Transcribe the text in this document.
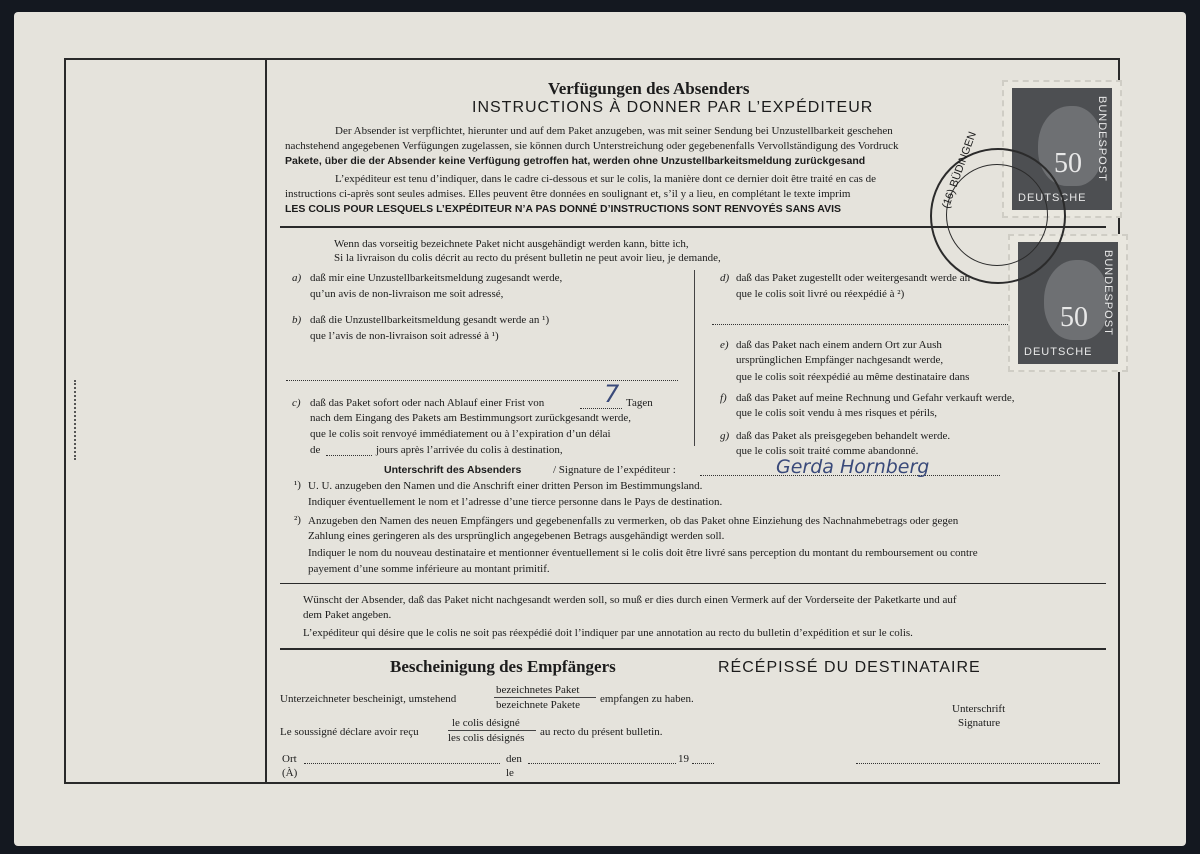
Verfügungen des Absenders
INSTRUCTIONS À DONNER PAR L’EXPÉDITEUR
Der Absender ist verpflichtet, hierunter und auf dem Paket anzugeben, was mit seiner Sendung bei Unzustellbarkeit geschehen
nachstehend angegebenen Verfügungen zugelassen, sie können durch Unterstreichung oder gegebenenfalls Vervollständigung des Vordruck
Pakete, über die der Absender keine Verfügung getroffen hat, werden ohne Unzustellbarkeitsmeldung zurückgesand
L’expéditeur est tenu d’indiquer, dans le cadre ci-dessous et sur le colis, la manière dont ce dernier doit être traité en cas de
instructions ci-après sont seules admises. Elles peuvent être données en soulignant et, s’il y a lieu, en complétant le texte imprim
LES COLIS POUR LESQUELS L’EXPÉDITEUR N’A PAS DONNÉ D’INSTRUCTIONS SONT RENVOYÉS SANS AVIS
Wenn das vorseitig bezeichnete Paket nicht ausgehändigt werden kann, bitte ich,
Si la livraison du colis décrit au recto du présent bulletin ne peut avoir lieu, je demande,
a) daß mir eine Unzustellbarkeitsmeldung zugesandt werde,
qu’un avis de non-livraison me soit adressé,
b) daß die Unzustellbarkeitsmeldung gesandt werde an ¹)
que l’avis de non-livraison soit adressé à ¹)
c) daß das Paket sofort oder nach Ablauf einer Frist von 7 Tagen
nach dem Eingang des Pakets am Bestimmungsort zurückgesandt werde,
que le colis soit renvoyé immédiatement ou à l’expiration d’un délai
de	jours après l’arrivée du colis à destination,
d) daß das Paket zugestellt oder weitergesandt werde an
que le colis soit livré ou réexpédié à ²)
e) daß das Paket nach einem andern Ort zur Aush
ursprünglichen Empfänger nachgesandt werde,
que le colis soit réexpédié au même destinataire dans
f) daß das Paket auf meine Rechnung und Gefahr verkauft werde,
que le colis soit vendu à mes risques et périls,
g) daß das Paket als preisgegeben behandelt werde.
que le colis soit traité comme abandonné.
Unterschrift des Absenders	/ Signature de l’expéditeur :	Gerda Hornberg
¹) U. U. anzugeben den Namen und die Anschrift einer dritten Person im Bestimmungsland.
Indiquer éventuellement le nom et l’adresse d’une tierce personne dans le Pays de destination.
²) Anzugeben den Namen des neuen Empfängers und gegebenenfalls zu vermerken, ob das Paket ohne Einziehung des Nachnahmebetrags oder gegen
Zahlung eines geringeren als des ursprünglich angegebenen Betrags ausgehändigt werden soll.
Indiquer le nom du nouveau destinataire et mentionner éventuellement si le colis doit être livré sans perception du montant du remboursement ou contre
payement d’une somme inférieure au montant primitif.
Wünscht der Absender, daß das Paket nicht nachgesandt werden soll, so muß er dies durch einen Vermerk auf der Vorderseite der Paketkarte und auf
dem Paket angeben.
L’expéditeur qui désire que le colis ne soit pas réexpédié doit l’indiquer par une annotation au recto du bulletin d’expédition et sur le colis.
Bescheinigung des Empfängers	RÉCÉPISSÉ DU DESTINATAIRE
Unterzeichneter bescheinigt, umstehend
bezeichnetes Paket
bezeichnete Pakete empfangen zu haben.
Le soussigné déclare avoir reçu
le colis désigné
les colis désignés au recto du présent bulletin.
Unterschrift
Signature
Ort
(À)
den
le
19
BUNDESPOST
50
DEUTSCHE
BUNDESPOST
50
DEUTSCHE
(16) BÜDINGEN
